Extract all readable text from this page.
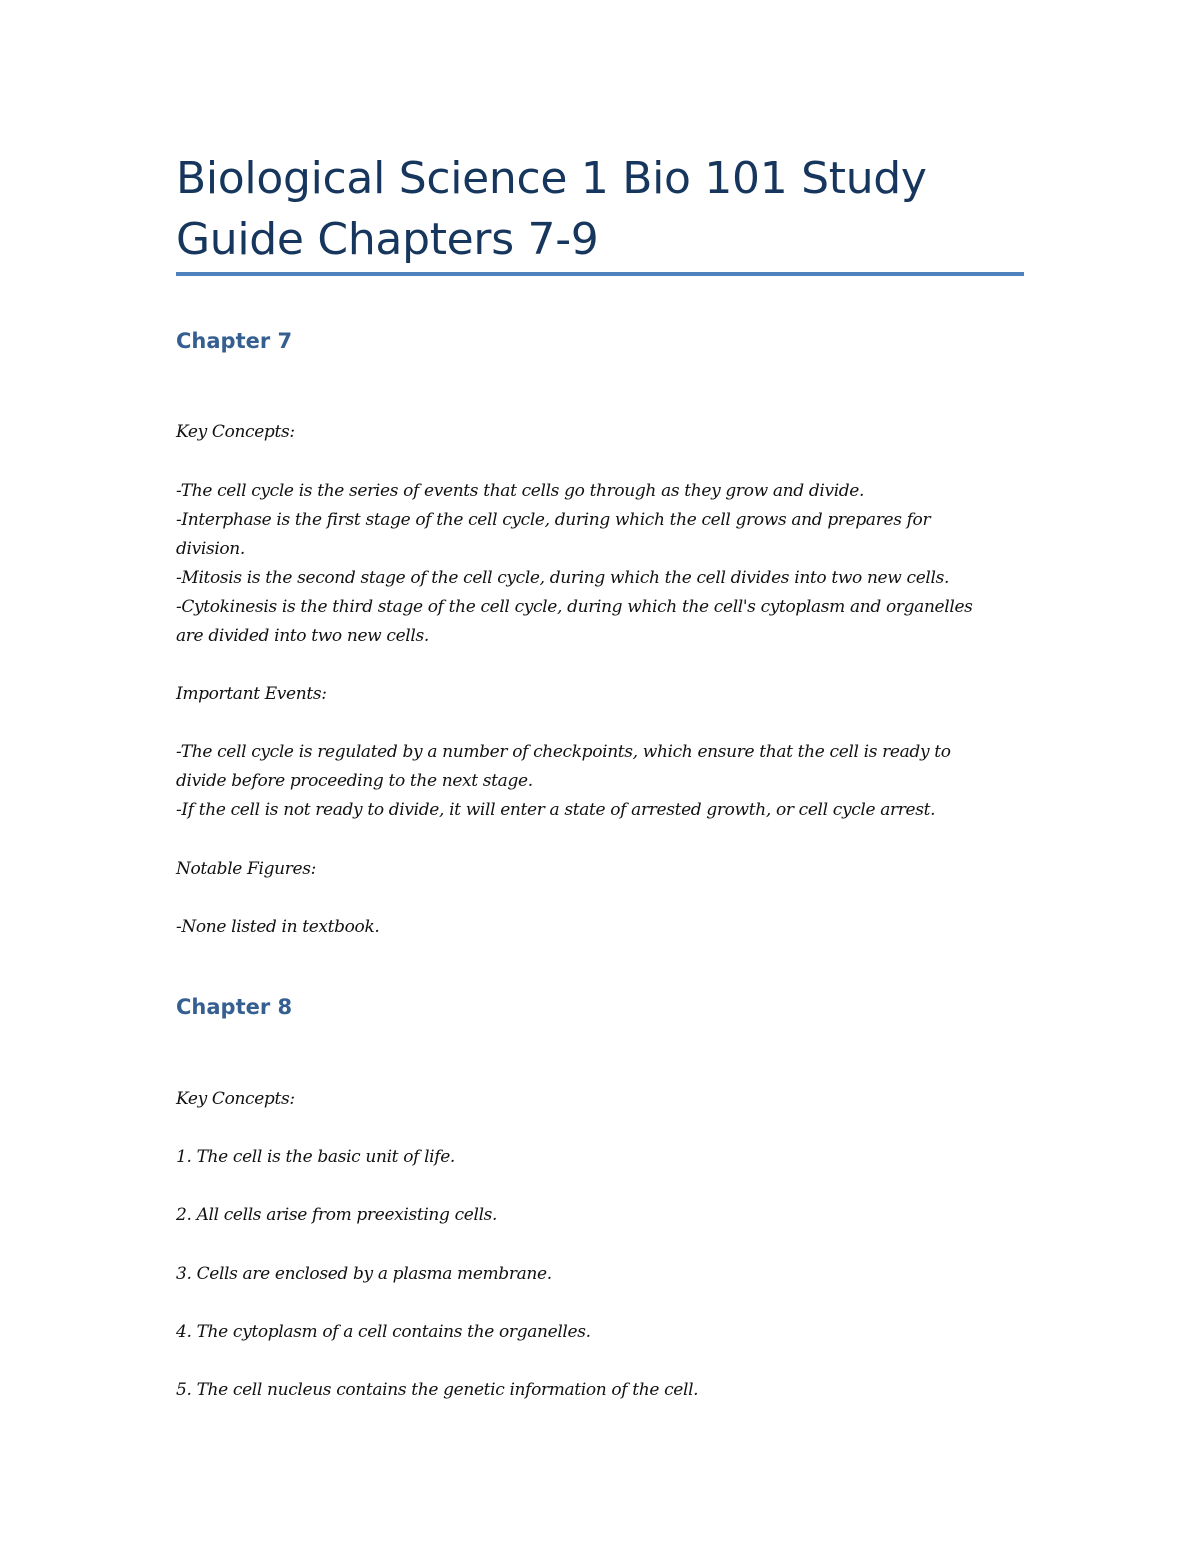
Biological Science 1 Bio 101 Study
Guide Chapters 7-9
Chapter 7

Key Concepts:

-The cell cycle is the series of events that cells go through as they grow and divide.
-Interphase is the first stage of the cell cycle, during which the cell grows and prepares for
division.
-Mitosis is the second stage of the cell cycle, during which the cell divides into two new cells.
-Cytokinesis is the third stage of the cell cycle, during which the cell's cytoplasm and organelles
are divided into two new cells.

Important Events:

-The cell cycle is regulated by a number of checkpoints, which ensure that the cell is ready to
divide before proceeding to the next stage.
-If the cell is not ready to divide, it will enter a state of arrested growth, or cell cycle arrest.

Notable Figures:

-None listed in textbook.

Chapter 8

Key Concepts:

1. The cell is the basic unit of life.

2. All cells arise from preexisting cells.

3. Cells are enclosed by a plasma membrane.

4. The cytoplasm of a cell contains the organelles.

5. The cell nucleus contains the genetic information of the cell.
